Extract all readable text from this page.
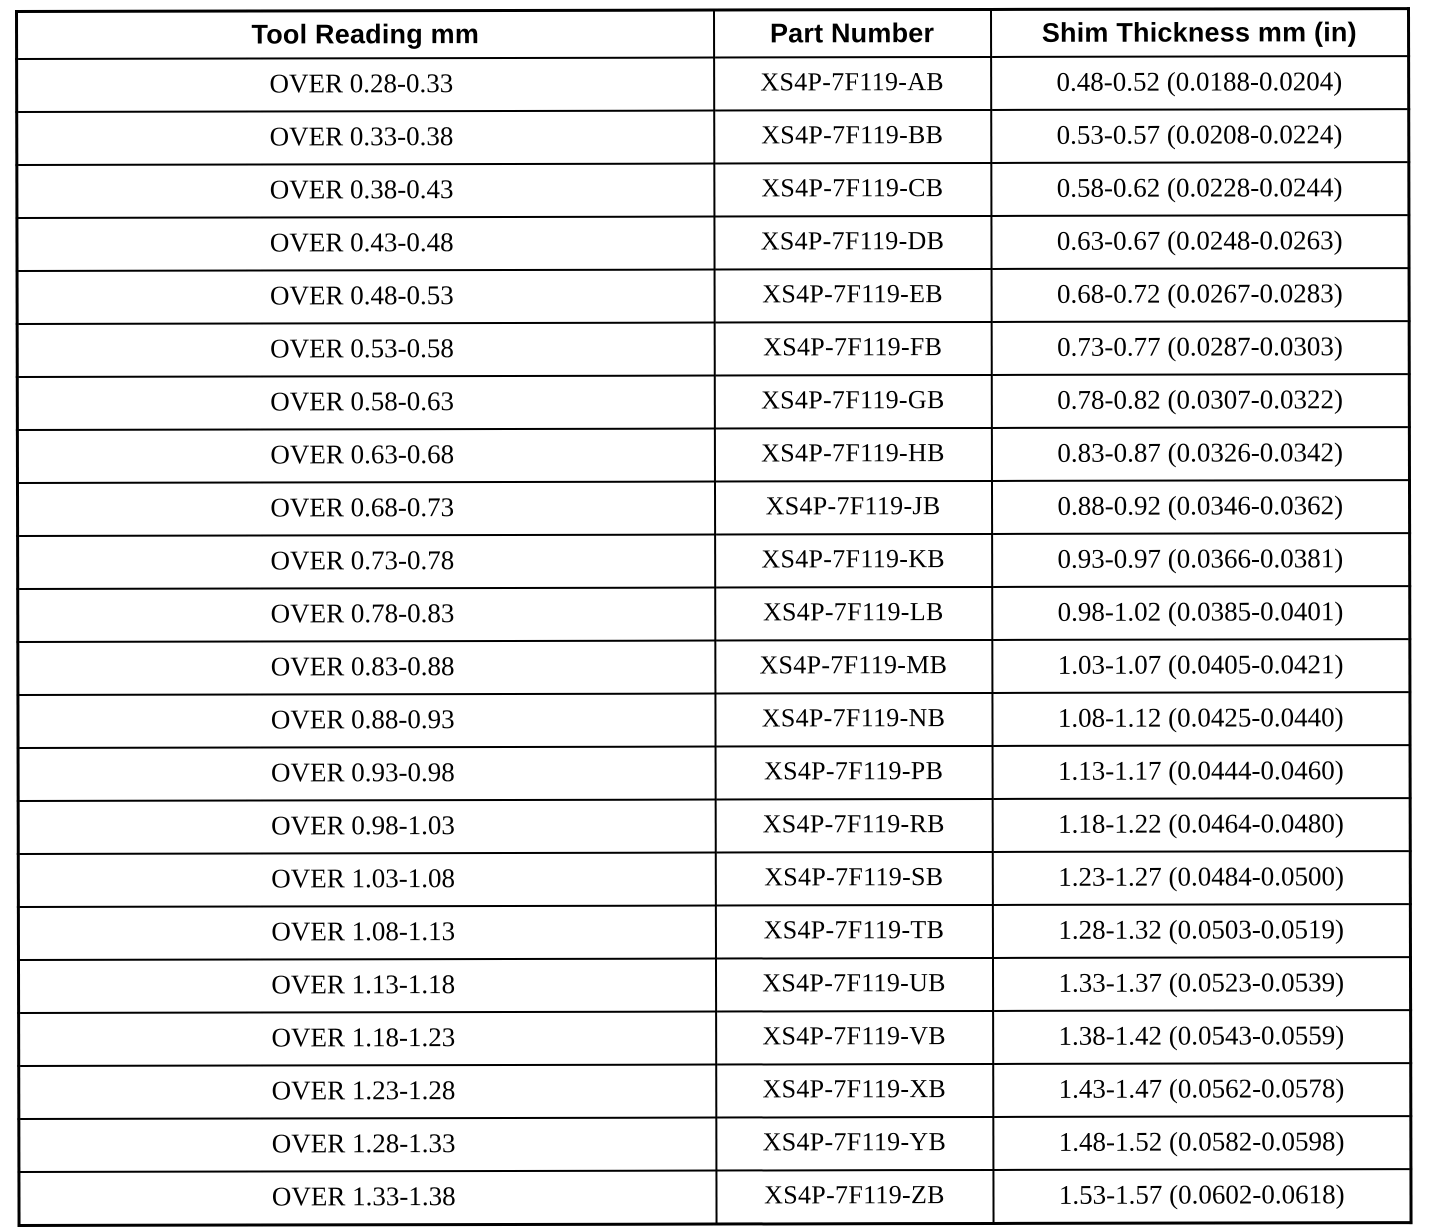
Tool Reading mm	Part Number	Shim Thickness mm (in)
OVER 0.28-0.33	XS4P-7F119-AB	0.48-0.52 (0.0188-0.0204)
OVER 0.33-0.38	XS4P-7F119-BB	0.53-0.57 (0.0208-0.0224)
OVER 0.38-0.43	XS4P-7F119-CB	0.58-0.62 (0.0228-0.0244)
OVER 0.43-0.48	XS4P-7F119-DB	0.63-0.67 (0.0248-0.0263)
OVER 0.48-0.53	XS4P-7F119-EB	0.68-0.72 (0.0267-0.0283)
OVER 0.53-0.58	XS4P-7F119-FB	0.73-0.77 (0.0287-0.0303)
OVER 0.58-0.63	XS4P-7F119-GB	0.78-0.82 (0.0307-0.0322)
OVER 0.63-0.68	XS4P-7F119-HB	0.83-0.87 (0.0326-0.0342)
OVER 0.68-0.73	XS4P-7F119-JB	0.88-0.92 (0.0346-0.0362)
OVER 0.73-0.78	XS4P-7F119-KB	0.93-0.97 (0.0366-0.0381)
OVER 0.78-0.83	XS4P-7F119-LB	0.98-1.02 (0.0385-0.0401)
OVER 0.83-0.88	XS4P-7F119-MB	1.03-1.07 (0.0405-0.0421)
OVER 0.88-0.93	XS4P-7F119-NB	1.08-1.12 (0.0425-0.0440)
OVER 0.93-0.98	XS4P-7F119-PB	1.13-1.17 (0.0444-0.0460)
OVER 0.98-1.03	XS4P-7F119-RB	1.18-1.22 (0.0464-0.0480)
OVER 1.03-1.08	XS4P-7F119-SB	1.23-1.27 (0.0484-0.0500)
OVER 1.08-1.13	XS4P-7F119-TB	1.28-1.32 (0.0503-0.0519)
OVER 1.13-1.18	XS4P-7F119-UB	1.33-1.37 (0.0523-0.0539)
OVER 1.18-1.23	XS4P-7F119-VB	1.38-1.42 (0.0543-0.0559)
OVER 1.23-1.28	XS4P-7F119-XB	1.43-1.47 (0.0562-0.0578)
OVER 1.28-1.33	XS4P-7F119-YB	1.48-1.52 (0.0582-0.0598)
OVER 1.33-1.38	XS4P-7F119-ZB	1.53-1.57 (0.0602-0.0618)
